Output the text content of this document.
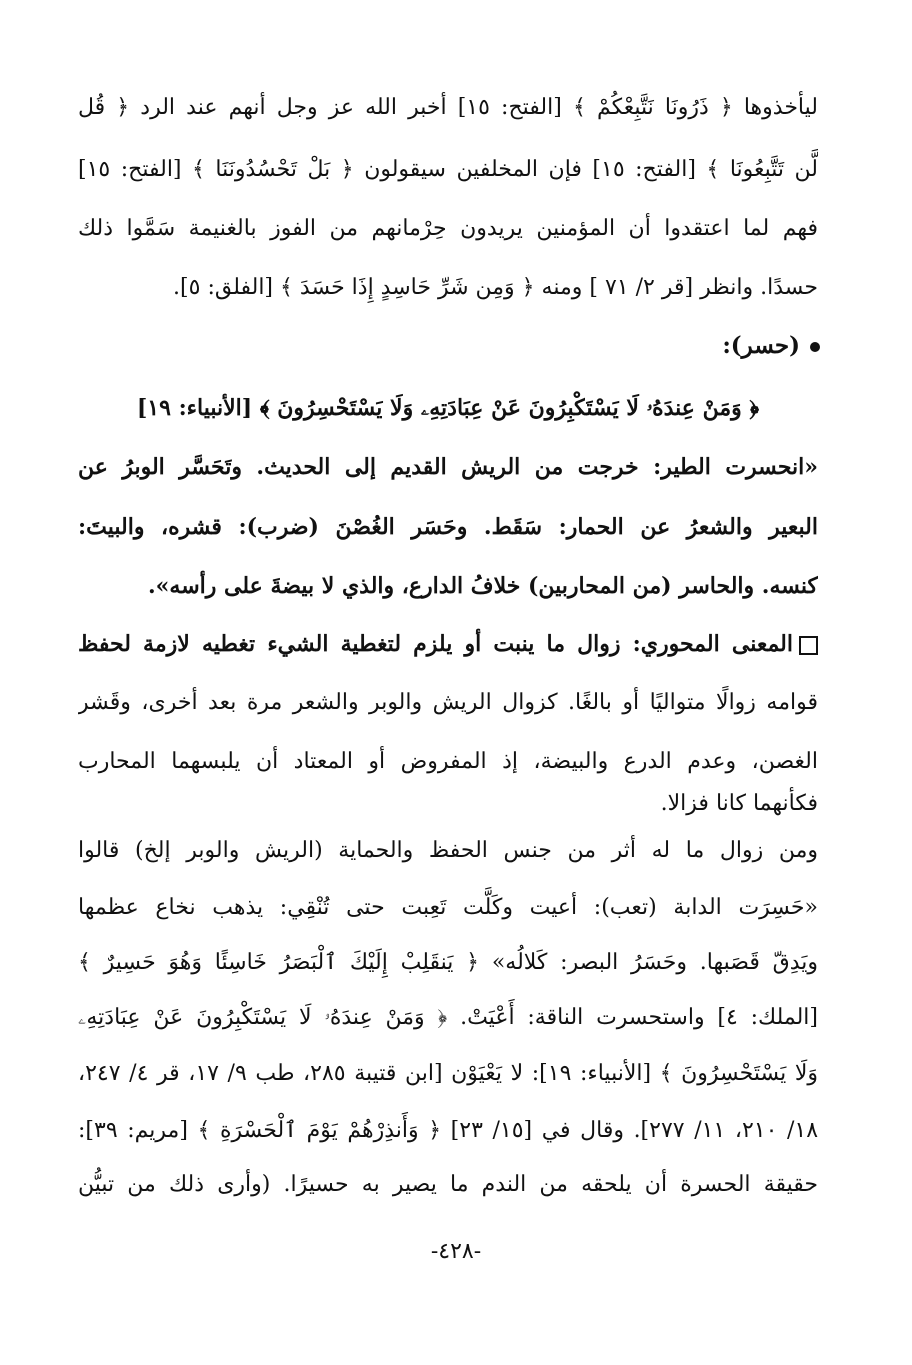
ليأخذوها ﴿ ذَرُونَا نَتَّبِعْكُمْ ﴾ [الفتح: ١٥] أخبر الله عز وجل أنهم عند الرد ﴿ قُل
لَّن تَتَّبِعُونَا ﴾ [الفتح: ١٥] فإن المخلفين سيقولون ﴿ بَلْ تَحْسُدُونَنَا ﴾ [الفتح: ١٥]
فهم لما اعتقدوا أن المؤمنين يريدون حِرْمانهم من الفوز بالغنيمة سَمَّوا ذلك
حسدًا. وانظر [قر ٢/ ٧١ ] ومنه ﴿ وَمِن شَرِّ حَاسِدٍ إِذَا حَسَدَ ﴾ [الفلق: ٥].
(حسر):
﴿ وَمَنْ عِندَهُۥ لَا يَسْتَكْبِرُونَ عَنْ عِبَادَتِهِۦ وَلَا يَسْتَحْسِرُونَ ﴾ [الأنبياء: ١٩]
«انحسرت الطير: خرجت من الريش القديم إلى الحديث. وتَحَسَّر الوبرُ عن
البعير والشعرُ عن الحمار: سَقَط. وحَسَر الغُصْنَ (ضرب): قشره، والبيتَ:
كنسه. والحاسر (من المحاربين) خلافُ الدارع، والذي لا بيضةَ على رأسه».
المعنى المحوري: زوال ما ينبت أو يلزم لتغطية الشيء تغطيه لازمة لحفظ
قوامه زوالًا متواليًا أو بالغًا. كزوال الريش والوبر والشعر مرة بعد أخرى، وقَشر
الغصن، وعدم الدرع والبيضة، إذ المفروض أو المعتاد أن يلبسهما المحارب
فكأنهما كانا فزالا.
ومن زوال ما له أثر من جنس الحفظ والحماية (الريش والوبر إلخ) قالوا
«حَسِرَت الدابة (تعب): أعيت وكَلَّت تَعِبت حتى تُنْقِي: يذهب نخاع عظمها
ويَدِقّ قَصَبها. وحَسَرُ البصر: كَلالُه» ﴿ يَنقَلِبْ إِلَيْكَ ٱلْبَصَرُ خَاسِئًا وَهُوَ حَسِيرٌ ﴾
[الملك: ٤] واستحسرت الناقة: أَعْيَتْ. ﴿ وَمَنْ عِندَهُۥ لَا يَسْتَكْبِرُونَ عَنْ عِبَادَتِهِۦ
وَلَا يَسْتَحْسِرُونَ ﴾ [الأنبياء: ١٩]: لا يَعْيَوْن [ابن قتيبة ٢٨٥، طب ٩/ ١٧، قر ٤/ ٢٤٧،
١٨/ ٢١٠، ١١/ ٢٧٧]. وقال في [١٥/ ٢٣] ﴿ وَأَنذِرْهُمْ يَوْمَ ٱلْحَسْرَةِ ﴾ [مريم: ٣٩]:
حقيقة الحسرة أن يلحقه من الندم ما يصير به حسيرًا. (وأرى ذلك من تبيُّن
-٤٢٨-
